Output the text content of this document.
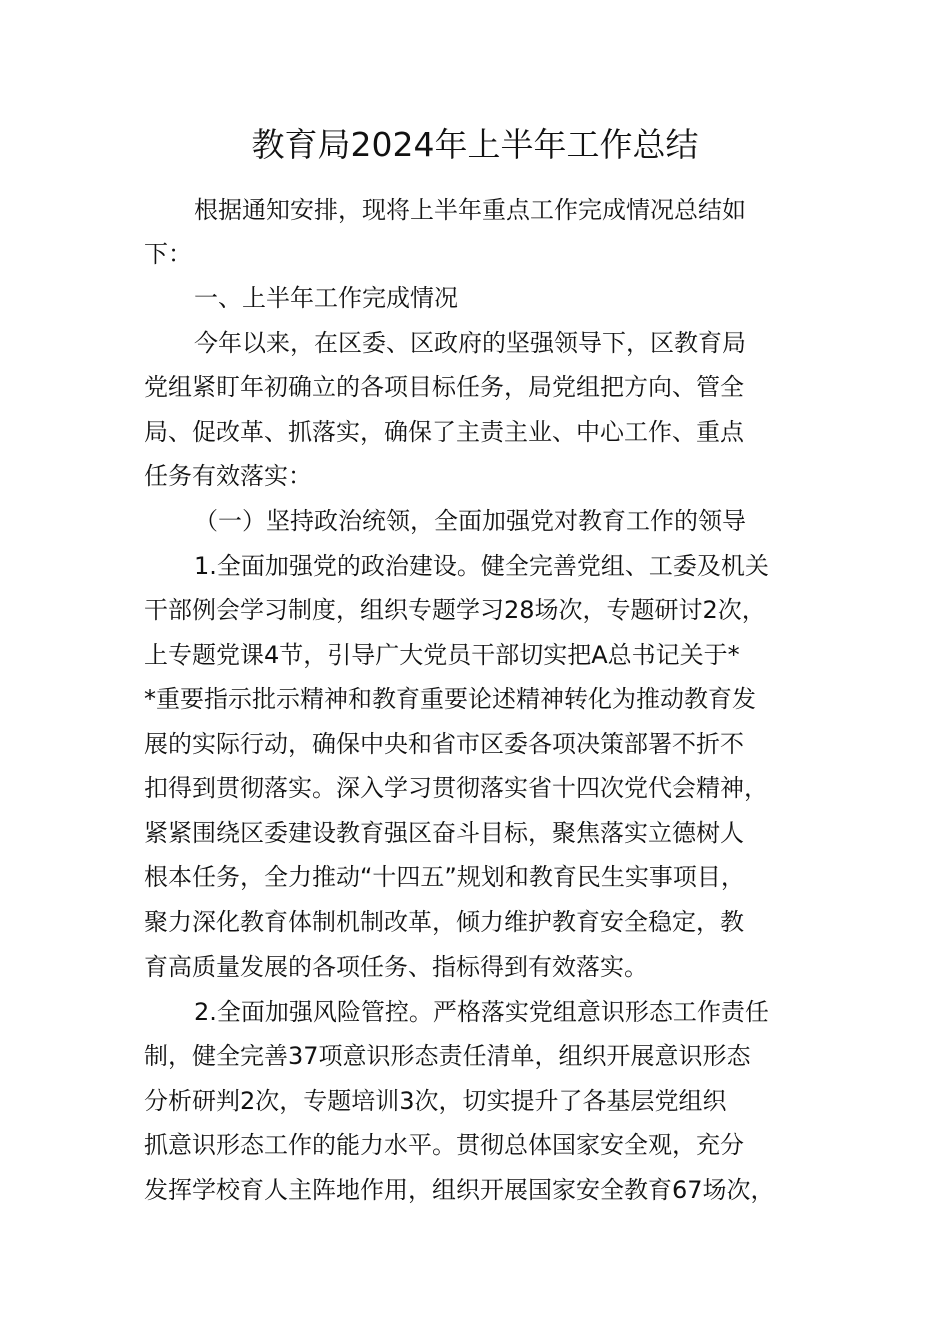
教育局2024年上半年工作总结
根据通知安排，现将上半年重点工作完成情况总结如
下：
一、上半年工作完成情况
今年以来，在区委、区政府的坚强领导下，区教育局
党组紧盯年初确立的各项目标任务，局党组把方向、管全
局、促改革、抓落实，确保了主责主业、中心工作、重点
任务有效落实：
（一）坚持政治统领，全面加强党对教育工作的领导
1.全面加强党的政治建设。健全完善党组、工委及机关
干部例会学习制度，组织专题学习28场次，专题研讨2次，
上专题党课4节，引导广大党员干部切实把A总书记关于*
*重要指示批示精神和教育重要论述精神转化为推动教育发
展的实际行动，确保中央和省市区委各项决策部署不折不
扣得到贯彻落实。深入学习贯彻落实省十四次党代会精神，
紧紧围绕区委建设教育强区奋斗目标，聚焦落实立德树人
根本任务，全力推动“十四五”规划和教育民生实事项目，
聚力深化教育体制机制改革，倾力维护教育安全稳定，教
育高质量发展的各项任务、指标得到有效落实。
2.全面加强风险管控。严格落实党组意识形态工作责任
制，健全完善37项意识形态责任清单，组织开展意识形态
分析研判2次，专题培训3次，切实提升了各基层党组织
抓意识形态工作的能力水平。贯彻总体国家安全观，充分
发挥学校育人主阵地作用，组织开展国家安全教育67场次，
